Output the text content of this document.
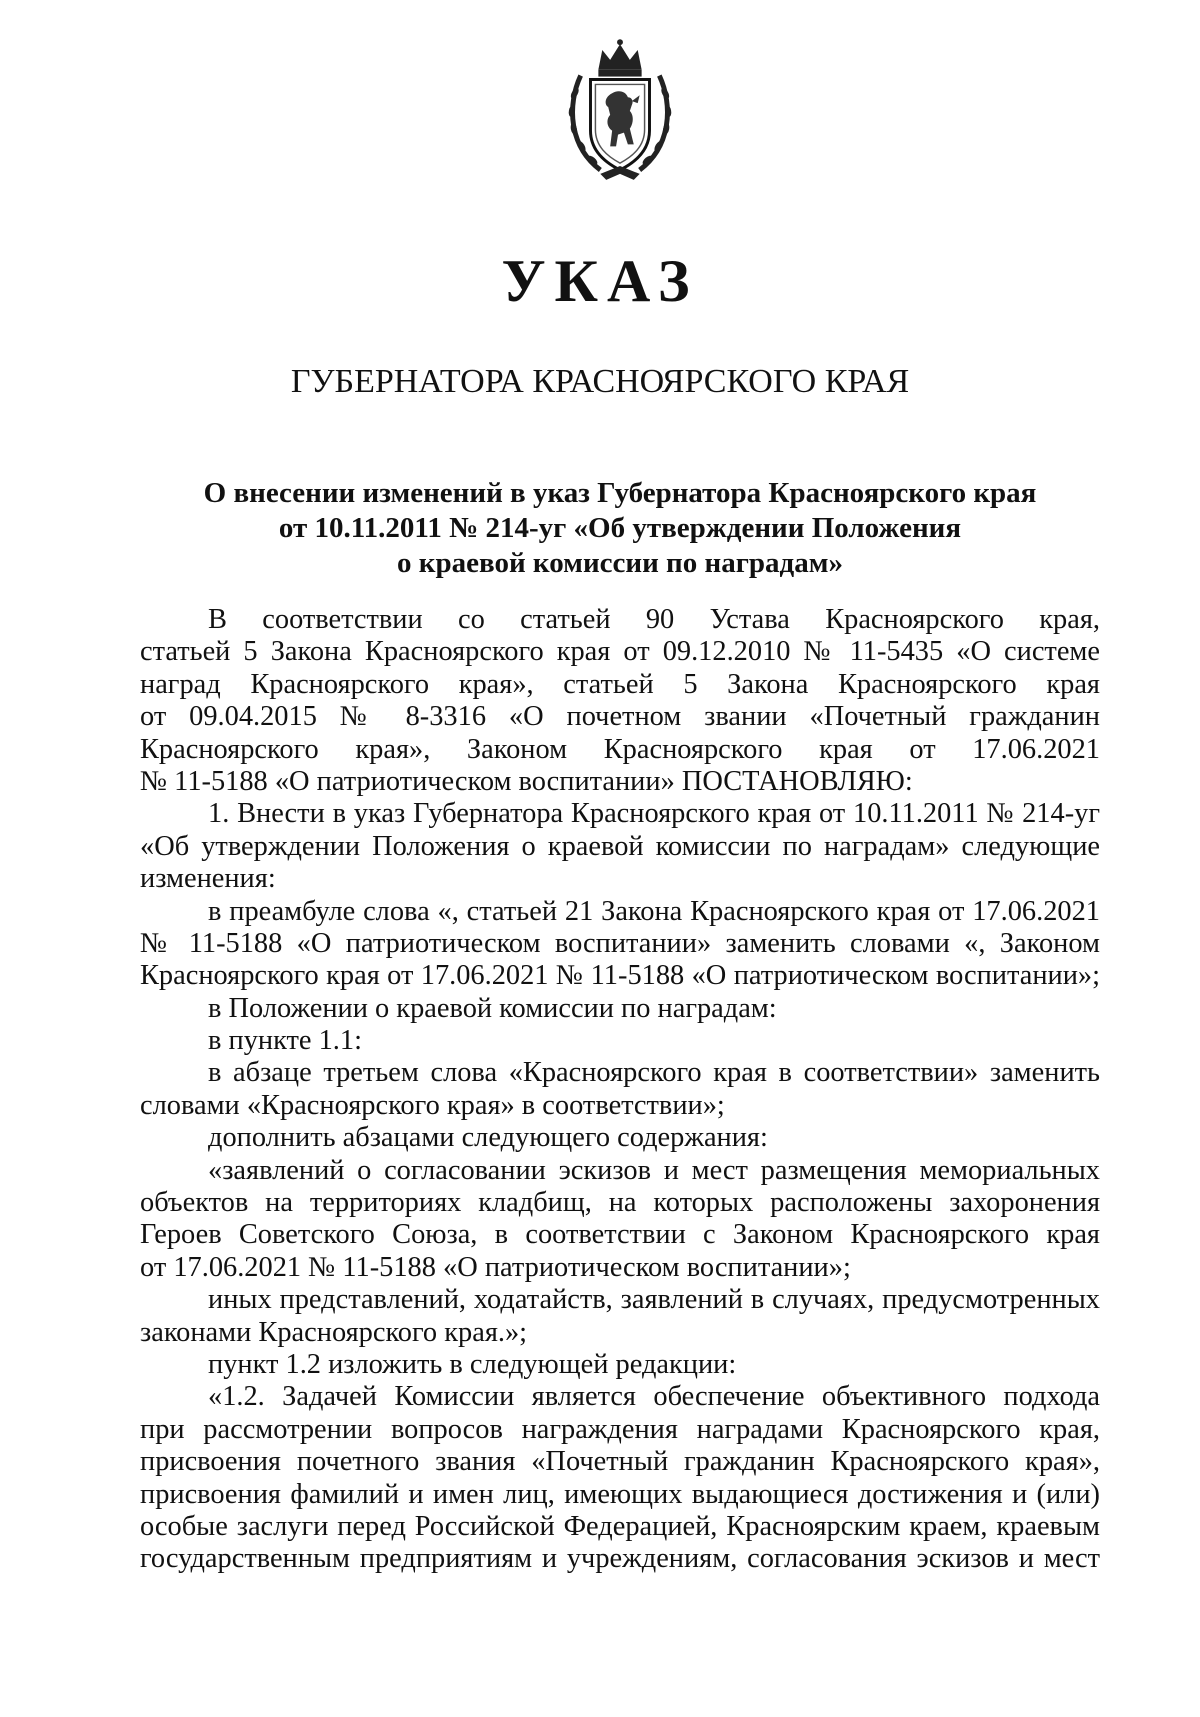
УКАЗ
ГУБЕРНАТОРА КРАСНОЯРСКОГО КРАЯ
О внесении изменений в указ Губернатора Красноярского края
от 10.11.2011 № 214-уг «Об утверждении Положения
о краевой комиссии по наградам»
В соответствии со статьей 90 Устава Красноярского края,
статьей 5 Закона Красноярского края от 09.12.2010 № 11-5435 «О системе
наград Красноярского края», статьей 5 Закона Красноярского края
от 09.04.2015 № 8-3316 «О почетном звании «Почетный гражданин
Красноярского края», Законом Красноярского края от 17.06.2021
№ 11-5188 «О патриотическом воспитании» ПОСТАНОВЛЯЮ:
1. Внести в указ Губернатора Красноярского края от 10.11.2011 № 214-уг
«Об утверждении Положения о краевой комиссии по наградам» следующие
изменения:
в преамбуле слова «, статьей 21 Закона Красноярского края от 17.06.2021
№ 11-5188 «О патриотическом воспитании» заменить словами «, Законом
Красноярского края от 17.06.2021 № 11-5188 «О патриотическом воспитании»;
в Положении о краевой комиссии по наградам:
в пункте 1.1:
в абзаце третьем слова «Красноярского края в соответствии» заменить
словами «Красноярского края» в соответствии»;
дополнить абзацами следующего содержания:
«заявлений о согласовании эскизов и мест размещения мемориальных
объектов на территориях кладбищ, на которых расположены захоронения
Героев Советского Союза, в соответствии с Законом Красноярского края
от 17.06.2021 № 11-5188 «О патриотическом воспитании»;
иных представлений, ходатайств, заявлений в случаях, предусмотренных
законами Красноярского края.»;
пункт 1.2 изложить в следующей редакции:
«1.2. Задачей Комиссии является обеспечение объективного подхода
при рассмотрении вопросов награждения наградами Красноярского края,
присвоения почетного звания «Почетный гражданин Красноярского края»,
присвоения фамилий и имен лиц, имеющих выдающиеся достижения и (или)
особые заслуги перед Российской Федерацией, Красноярским краем, краевым
государственным предприятиям и учреждениям, согласования эскизов и мест
